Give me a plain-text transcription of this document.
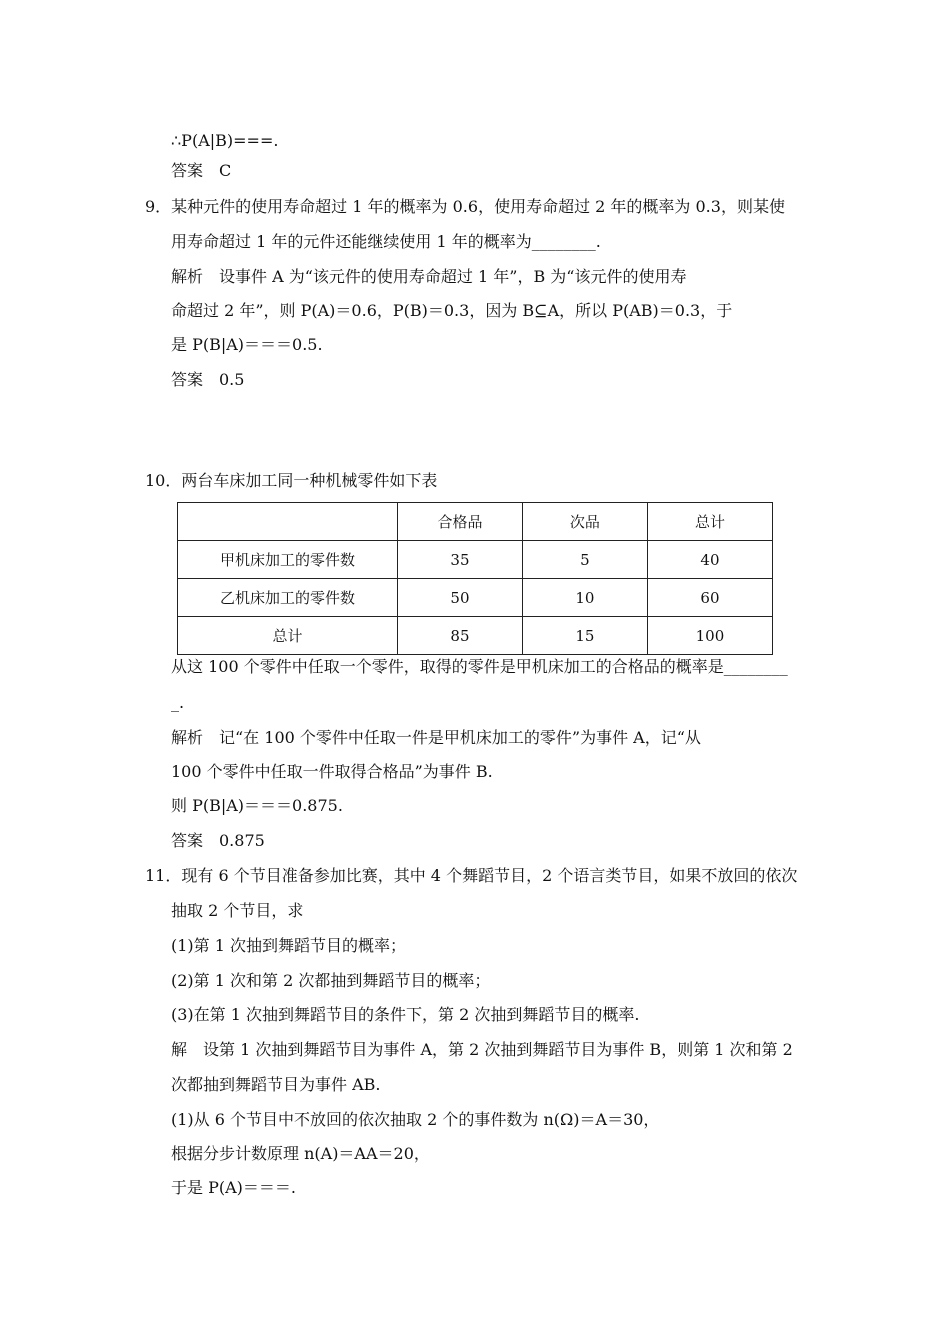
∴P(A|B)===.
答案　C
9．某种元件的使用寿命超过 1 年的概率为 0.6，使用寿命超过 2 年的概率为 0.3，则某使
用寿命超过 1 年的元件还能继续使用 1 年的概率为________.
解析　设事件 A 为“该元件的使用寿命超过 1 年”，B 为“该元件的使用寿
命超过 2 年”，则 P(A)＝0.6，P(B)＝0.3，因为 B⊆A，所以 P(AB)＝0.3，于
是 P(B|A)＝＝＝0.5.
答案　0.5
10．两台车床加工同一种机械零件如下表
	合格品	次品	总计
甲机床加工的零件数	35	5	40
乙机床加工的零件数	50	10	60
总计	85	15	100
从这 100 个零件中任取一个零件，取得的零件是甲机床加工的合格品的概率是________
_.
解析　记“在 100 个零件中任取一件是甲机床加工的零件”为事件 A，记“从
100 个零件中任取一件取得合格品”为事件 B.
则 P(B|A)＝＝＝0.875.
答案　0.875
11．现有 6 个节目准备参加比赛，其中 4 个舞蹈节目，2 个语言类节目，如果不放回的依次
抽取 2 个节目，求
(1)第 1 次抽到舞蹈节目的概率；
(2)第 1 次和第 2 次都抽到舞蹈节目的概率；
(3)在第 1 次抽到舞蹈节目的条件下，第 2 次抽到舞蹈节目的概率.
解　设第 1 次抽到舞蹈节目为事件 A，第 2 次抽到舞蹈节目为事件 B，则第 1 次和第 2
次都抽到舞蹈节目为事件 AB.
(1)从 6 个节目中不放回的依次抽取 2 个的事件数为 n(Ω)＝A＝30，
根据分步计数原理 n(A)＝AA＝20，
于是 P(A)＝＝＝.
